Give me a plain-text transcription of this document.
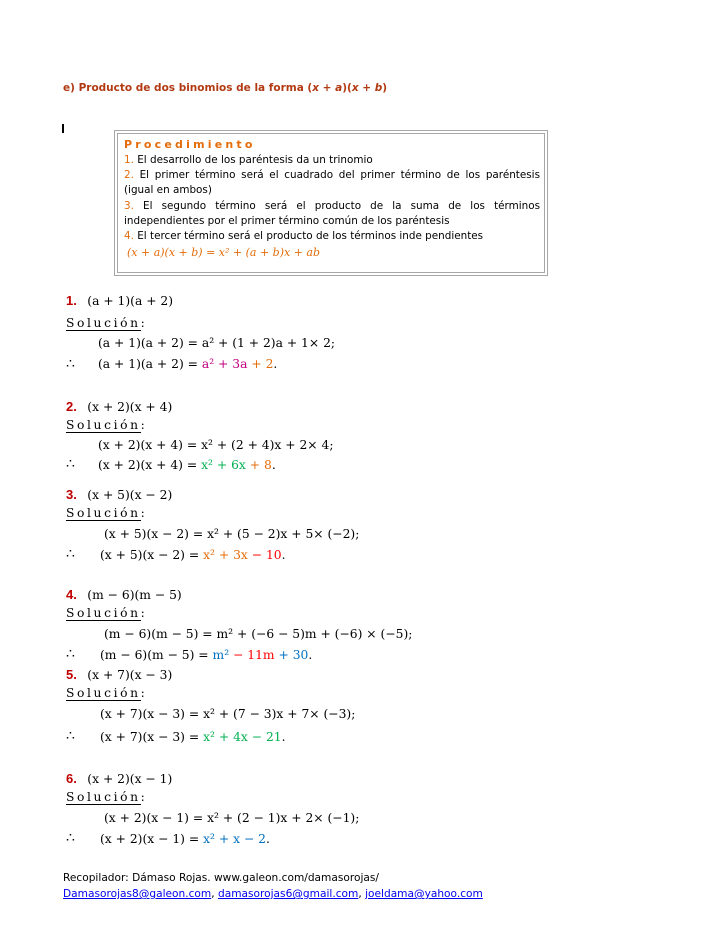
e) Producto de dos binomios de la forma (x + a)(x + b)
Procedimiento
1. El desarrollo de los paréntesis da un trinomio
2. El primer término será el cuadrado del primer término de los paréntesis (igual en ambos)
3. El segundo término será el producto de la suma de los términos independientes por el primer término común de los paréntesis
4. El tercer término será el producto de los términos inde pendientes
(x + a)(x + b) = x² + (a + b)x + ab
1. (a + 1)(a + 2)
Solución:
(a + 1)(a + 2) = a² + (1 + 2)a + 1× 2;
∴ (a + 1)(a + 2) = a² + 3a + 2.
2. (x + 2)(x + 4)
Solución:
(x + 2)(x + 4) = x² + (2 + 4)x + 2× 4;
∴ (x + 2)(x + 4) = x² + 6x + 8.
3. (x + 5)(x − 2)
Solución:
(x + 5)(x − 2) = x² + (5 − 2)x + 5× (−2);
∴ (x + 5)(x − 2) = x² + 3x − 10.
4. (m − 6)(m − 5)
Solución:
(m − 6)(m − 5) = m² + (−6 − 5)m + (−6) × (−5);
∴ (m − 6)(m − 5) = m² − 11m + 30.
5. (x + 7)(x − 3)
Solución:
(x + 7)(x − 3) = x² + (7 − 3)x + 7× (−3);
∴ (x + 7)(x − 3) = x² + 4x − 21.
6. (x + 2)(x − 1)
Solución:
(x + 2)(x − 1) = x² + (2 − 1)x + 2× (−1);
∴ (x + 2)(x − 1) = x² + x − 2.
Recopilador: Dámaso Rojas. www.galeon.com/damasorojas/
Damasorojas8@galeon.com, damasorojas6@gmail.com, joeldama@yahoo.com
